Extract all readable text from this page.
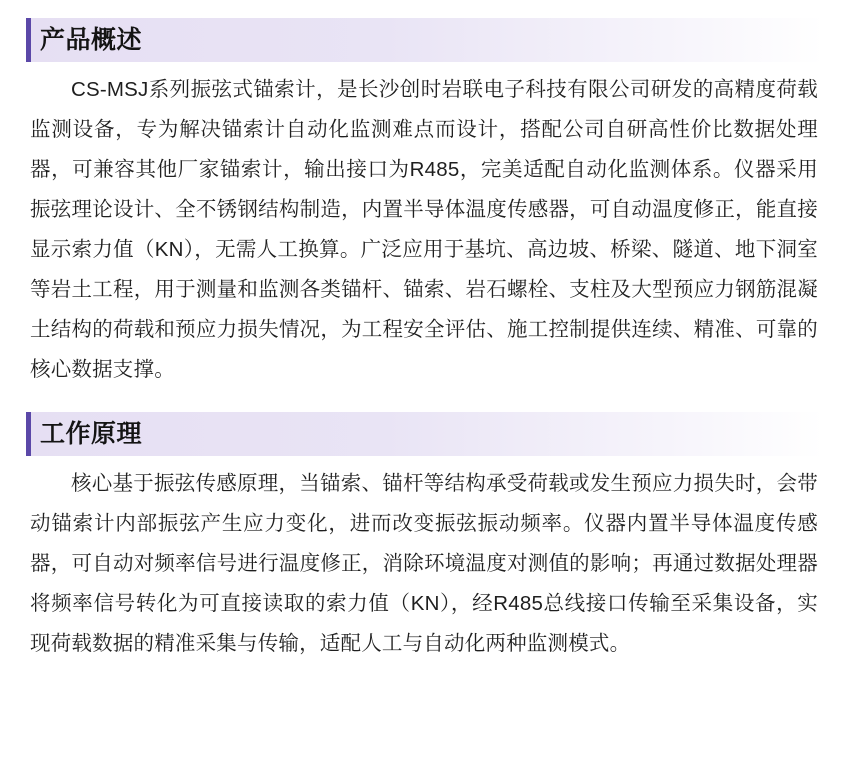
产品概述

CS-MSJ系列振弦式锚索计，是长沙创时岩联电子科技有限公司研发的高精度荷载监测设备，专为解决锚索计自动化监测难点而设计，搭配公司自研高性价比数据处理器，可兼容其他厂家锚索计，输出接口为R485，完美适配自动化监测体系。仪器采用振弦理论设计、全不锈钢结构制造，内置半导体温度传感器，可自动温度修正，能直接显示索力值（KN），无需人工换算。广泛应用于基坑、高边坡、桥梁、隧道、地下洞室等岩土工程，用于测量和监测各类锚杆、锚索、岩石螺栓、支柱及大型预应力钢筋混凝土结构的荷载和预应力损失情况，为工程安全评估、施工控制提供连续、精准、可靠的核心数据支撑。

工作原理

核心基于振弦传感原理，当锚索、锚杆等结构承受荷载或发生预应力损失时，会带动锚索计内部振弦产生应力变化，进而改变振弦振动频率。仪器内置半导体温度传感器，可自动对频率信号进行温度修正，消除环境温度对测值的影响；再通过数据处理器将频率信号转化为可直接读取的索力值（KN），经R485总线接口传输至采集设备，实现荷载数据的精准采集与传输，适配人工与自动化两种监测模式。
